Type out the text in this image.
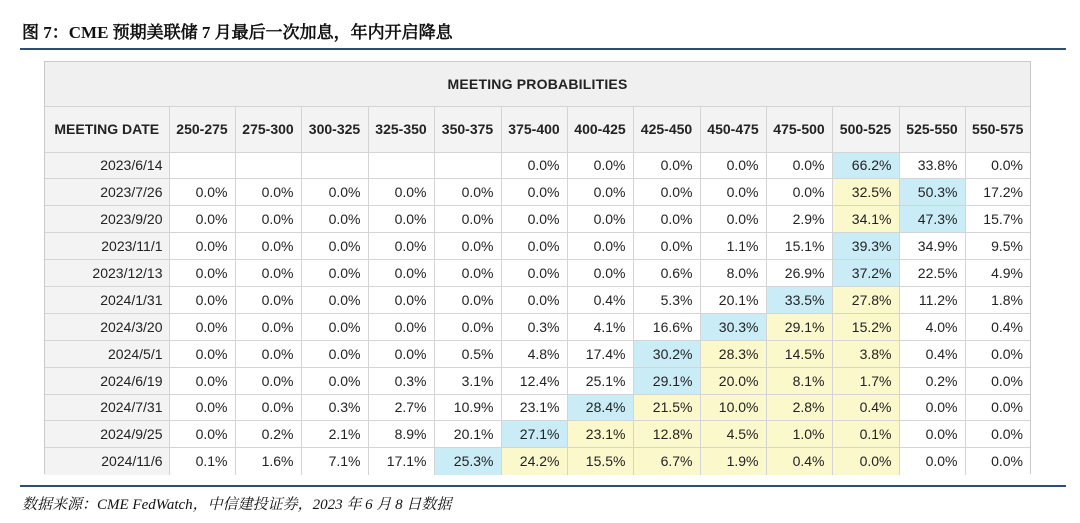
图 7：CME 预期美联储 7 月最后一次加息，年内开启降息
MEETING PROBABILITIES													
MEETING DATE	250-275	275-300	300-325	325-350	350-375	375-400	400-425	425-450	450-475	475-500	500-525	525-550	550-575
2023/6/14						0.0%	0.0%	0.0%	0.0%	0.0%	66.2%	33.8%	0.0%
2023/7/26	0.0%	0.0%	0.0%	0.0%	0.0%	0.0%	0.0%	0.0%	0.0%	0.0%	32.5%	50.3%	17.2%
2023/9/20	0.0%	0.0%	0.0%	0.0%	0.0%	0.0%	0.0%	0.0%	0.0%	2.9%	34.1%	47.3%	15.7%
2023/11/1	0.0%	0.0%	0.0%	0.0%	0.0%	0.0%	0.0%	0.0%	1.1%	15.1%	39.3%	34.9%	9.5%
2023/12/13	0.0%	0.0%	0.0%	0.0%	0.0%	0.0%	0.0%	0.6%	8.0%	26.9%	37.2%	22.5%	4.9%
2024/1/31	0.0%	0.0%	0.0%	0.0%	0.0%	0.0%	0.4%	5.3%	20.1%	33.5%	27.8%	11.2%	1.8%
2024/3/20	0.0%	0.0%	0.0%	0.0%	0.0%	0.3%	4.1%	16.6%	30.3%	29.1%	15.2%	4.0%	0.4%
2024/5/1	0.0%	0.0%	0.0%	0.0%	0.5%	4.8%	17.4%	30.2%	28.3%	14.5%	3.8%	0.4%	0.0%
2024/6/19	0.0%	0.0%	0.0%	0.3%	3.1%	12.4%	25.1%	29.1%	20.0%	8.1%	1.7%	0.2%	0.0%
2024/7/31	0.0%	0.0%	0.3%	2.7%	10.9%	23.1%	28.4%	21.5%	10.0%	2.8%	0.4%	0.0%	0.0%
2024/9/25	0.0%	0.2%	2.1%	8.9%	20.1%	27.1%	23.1%	12.8%	4.5%	1.0%	0.1%	0.0%	0.0%
2024/11/6	0.1%	1.6%	7.1%	17.1%	25.3%	24.2%	15.5%	6.7%	1.9%	0.4%	0.0%	0.0%	0.0%
数据来源：CME FedWatch，中信建投证券，2023 年 6 月 8 日数据
